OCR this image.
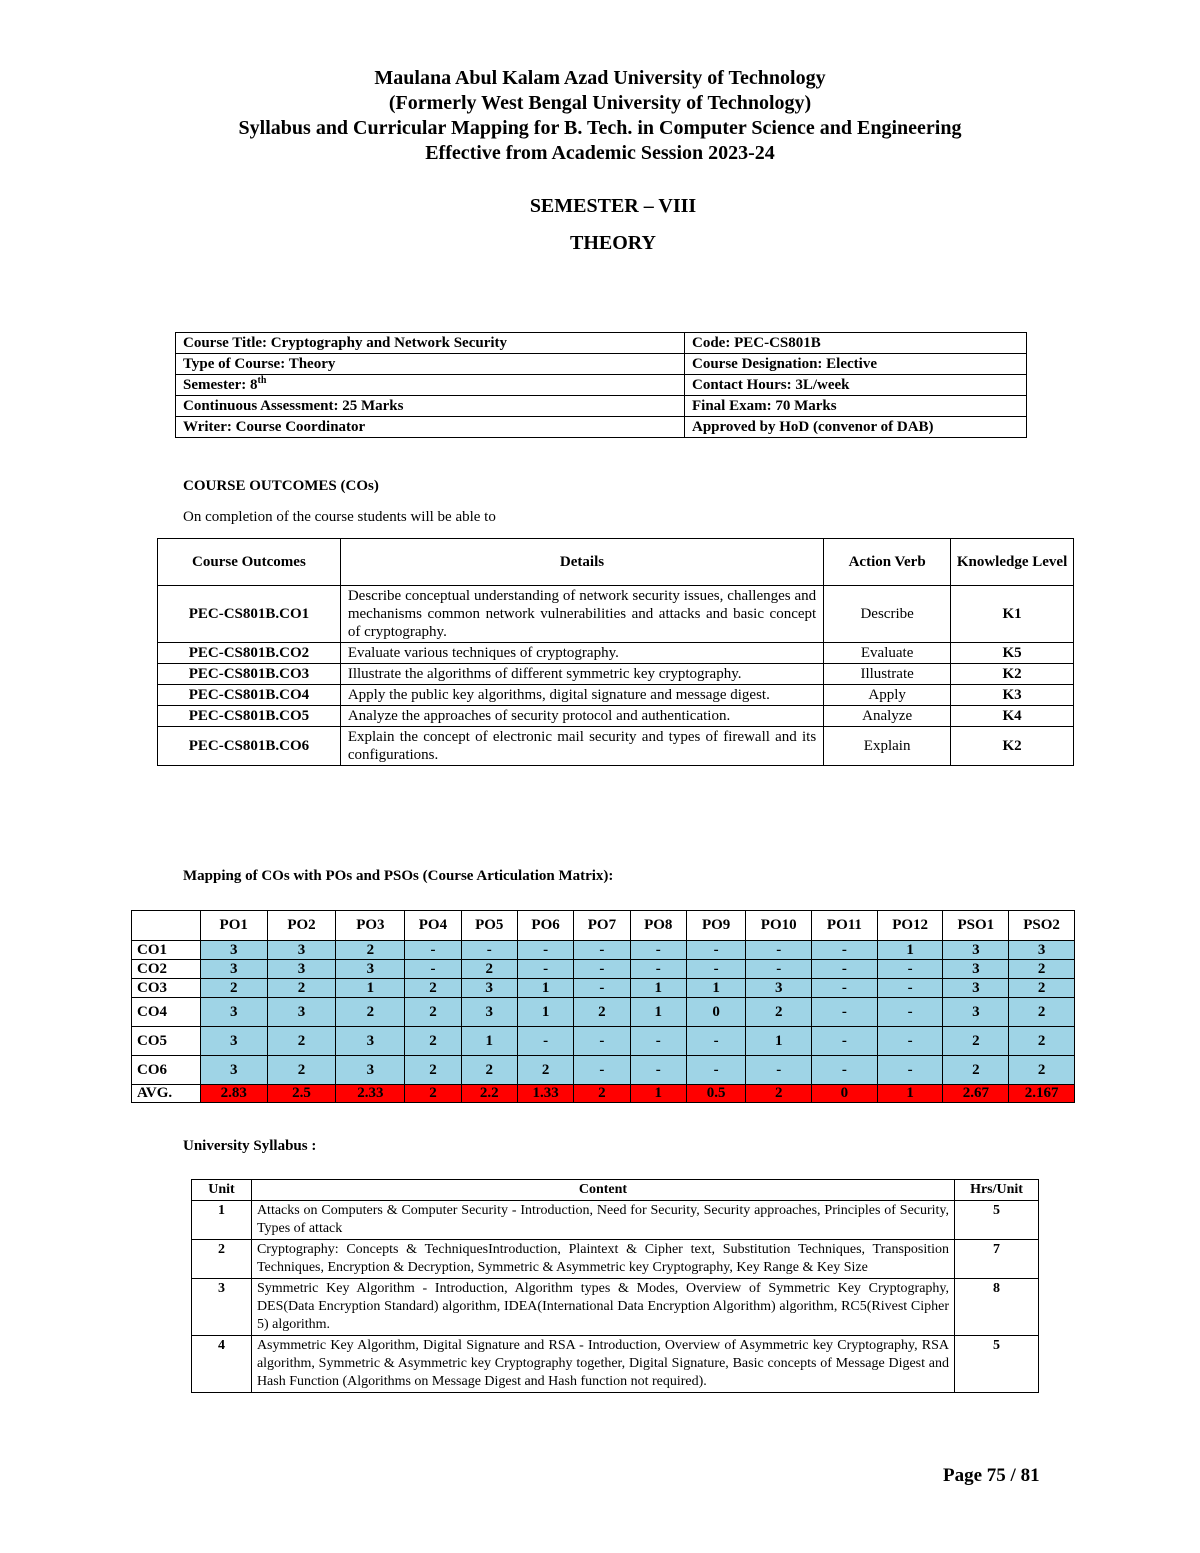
Maulana Abul Kalam Azad University of Technology
(Formerly West Bengal University of Technology)
Syllabus and Curricular Mapping for B. Tech. in Computer Science and Engineering
Effective from Academic Session 2023-24
SEMESTER – VIII
THEORY
Course Title: Cryptography and Network Security	Code: PEC-CS801B
Type of Course: Theory	Course Designation: Elective
Semester: 8th	Contact Hours: 3L/week
Continuous Assessment: 25 Marks	Final Exam: 70 Marks
Writer: Course Coordinator	Approved by HoD (convenor of DAB)
COURSE OUTCOMES (COs)
On completion of the course students will be able to
Course Outcomes	Details	Action Verb	Knowledge Level
PEC-CS801B.CO1	Describe conceptual understanding of network security issues, challenges and mechanisms common network vulnerabilities and attacks and basic concept of cryptography.	Describe	K1
PEC-CS801B.CO2	Evaluate various techniques of cryptography.	Evaluate	K5
PEC-CS801B.CO3	Illustrate the algorithms of different symmetric key cryptography.	Illustrate	K2
PEC-CS801B.CO4	Apply the public key algorithms, digital signature and message digest.	Apply	K3
PEC-CS801B.CO5	Analyze the approaches of security protocol and authentication.	Analyze	K4
PEC-CS801B.CO6	Explain the concept of electronic mail security and types of firewall and its configurations.	Explain	K2
Mapping of COs with POs and PSOs (Course Articulation Matrix):
	PO1	PO2	PO3	PO4	PO5	PO6	PO7	PO8	PO9	PO10	PO11	PO12	PSO1	PSO2
CO1	3	3	2	-	-	-	-	-	-	-	-	1	3	3
CO2	3	3	3	-	2	-	-	-	-	-	-	-	3	2
CO3	2	2	1	2	3	1	-	1	1	3	-	-	3	2
CO4	3	3	2	2	3	1	2	1	0	2	-	-	3	2
CO5	3	2	3	2	1	-	-	-	-	1	-	-	2	2
CO6	3	2	3	2	2	2	-	-	-	-	-	-	2	2
AVG.	2.83	2.5	2.33	2	2.2	1.33	2	1	0.5	2	0	1	2.67	2.167
University Syllabus :
Unit	Content	Hrs/Unit
1	Attacks on Computers & Computer Security - Introduction, Need for Security, Security approaches, Principles of Security, Types of attack	5
2	Cryptography: Concepts & TechniquesIntroduction, Plaintext & Cipher text, Substitution Techniques, Transposition Techniques, Encryption & Decryption, Symmetric & Asymmetric key Cryptography, Key Range & Key Size	7
3	Symmetric Key Algorithm - Introduction, Algorithm types & Modes, Overview of Symmetric Key Cryptography, DES(Data Encryption Standard) algorithm, IDEA(International Data Encryption Algorithm) algorithm, RC5(Rivest Cipher 5) algorithm.	8
4	Asymmetric Key Algorithm, Digital Signature and RSA - Introduction, Overview of Asymmetric key Cryptography, RSA algorithm, Symmetric & Asymmetric key Cryptography together, Digital Signature, Basic concepts of Message Digest and Hash Function (Algorithms on Message Digest and Hash function not required).	5
Page 75 / 81
